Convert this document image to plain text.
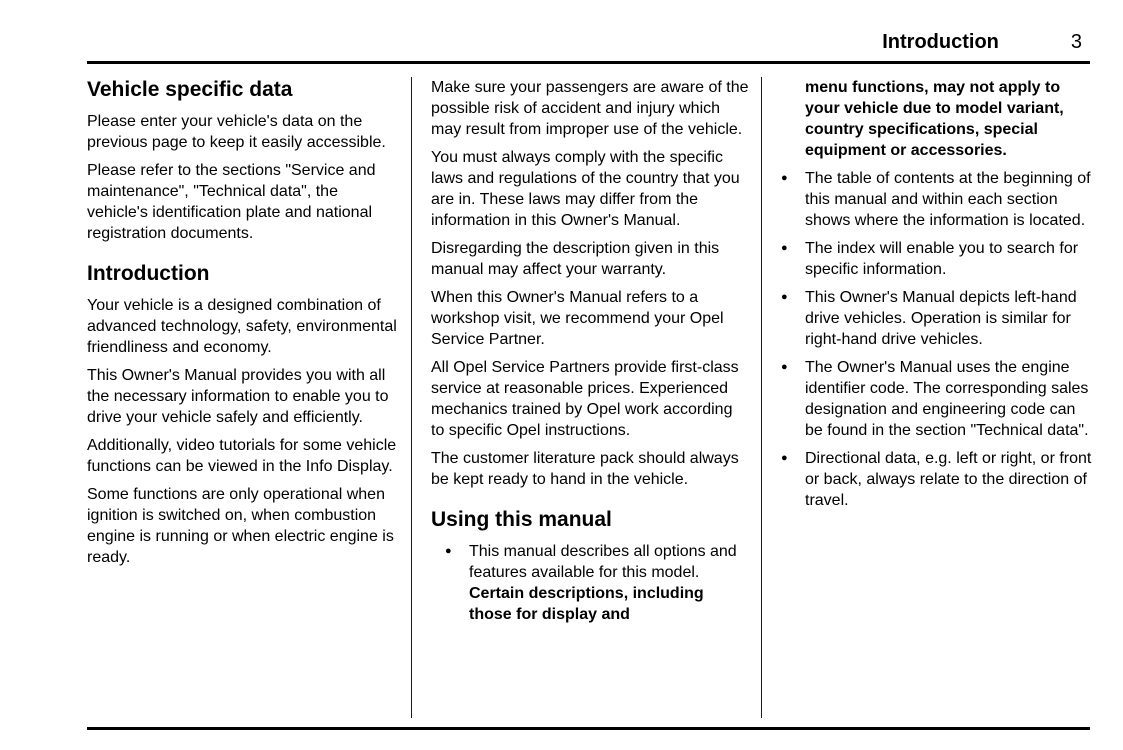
Introduction	3
Vehicle specific data

Please enter your vehicle's data on the previous page to keep it easily accessible.

Please refer to the sections "Service and maintenance", "Technical data", the vehicle's identification plate and national registration documents.

Introduction

Your vehicle is a designed combination of advanced technology, safety, environmental friendliness and economy.

This Owner's Manual provides you with all the necessary information to enable you to drive your vehicle safely and efficiently.

Additionally, video tutorials for some vehicle functions can be viewed in the Info Display.

Some functions are only operational when ignition is switched on, when combustion engine is running or when electric engine is ready.

Make sure your passengers are aware of the possible risk of accident and injury which may result from improper use of the vehicle.

You must always comply with the specific laws and regulations of the country that you are in. These laws may differ from the information in this Owner's Manual.

Disregarding the description given in this manual may affect your warranty.

When this Owner's Manual refers to a workshop visit, we recommend your Opel Service Partner.

All Opel Service Partners provide first-class service at reasonable prices. Experienced mechanics trained by Opel work according to specific Opel instructions.

The customer literature pack should always be kept ready to hand in the vehicle.

Using this manual
●	This manual describes all options and features available for this model. Certain descriptions, including those for display and

menu functions, may not apply to your vehicle due to model variant, country specifications, special equipment or accessories.

●	The table of contents at the beginning of this manual and within each section shows where the information is located.
●	The index will enable you to search for specific information.
●	This Owner's Manual depicts left-hand drive vehicles. Operation is similar for right-hand drive vehicles.
●	The Owner's Manual uses the engine identifier code. The corresponding sales designation and engineering code can be found in the section "Technical data".
●	Directional data, e.g. left or right, or front or back, always relate to the direction of travel.
